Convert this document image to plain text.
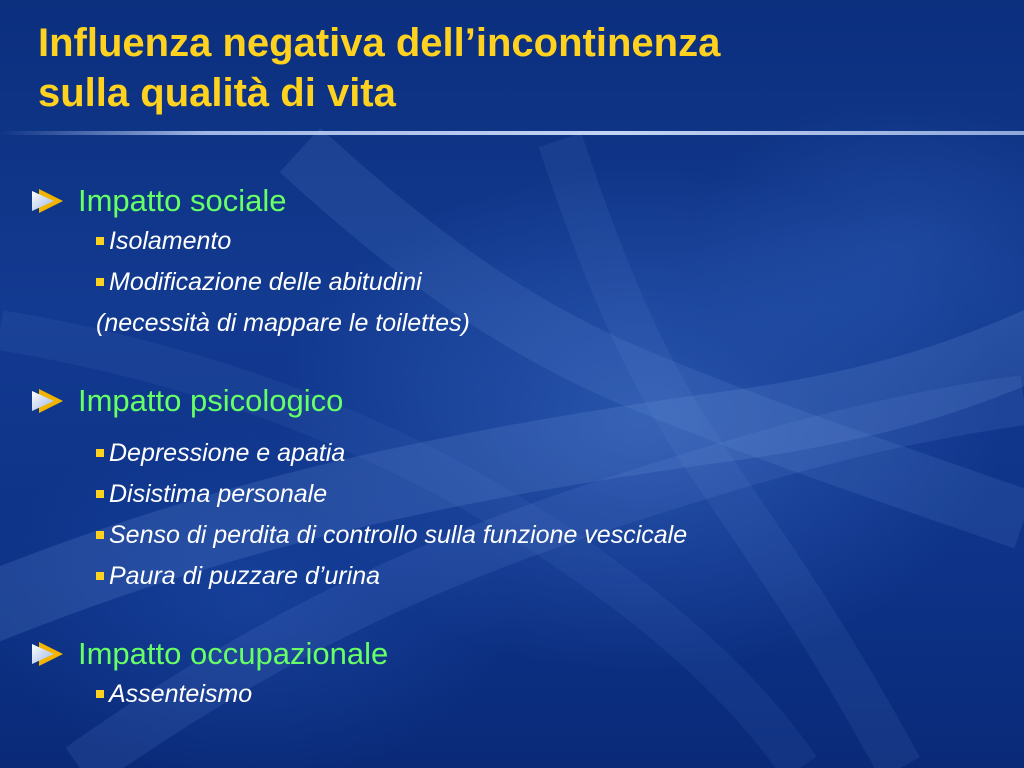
Influenza negativa dell’incontinenza
sulla qualità di vita
Impatto sociale
Isolamento
Modificazione delle abitudini
(necessità di mappare le toilettes)
Impatto psicologico
Depressione e apatia
Disistima personale
Senso di perdita di controllo sulla funzione vescicale
Paura di puzzare d’urina
Impatto occupazionale
Assenteismo
